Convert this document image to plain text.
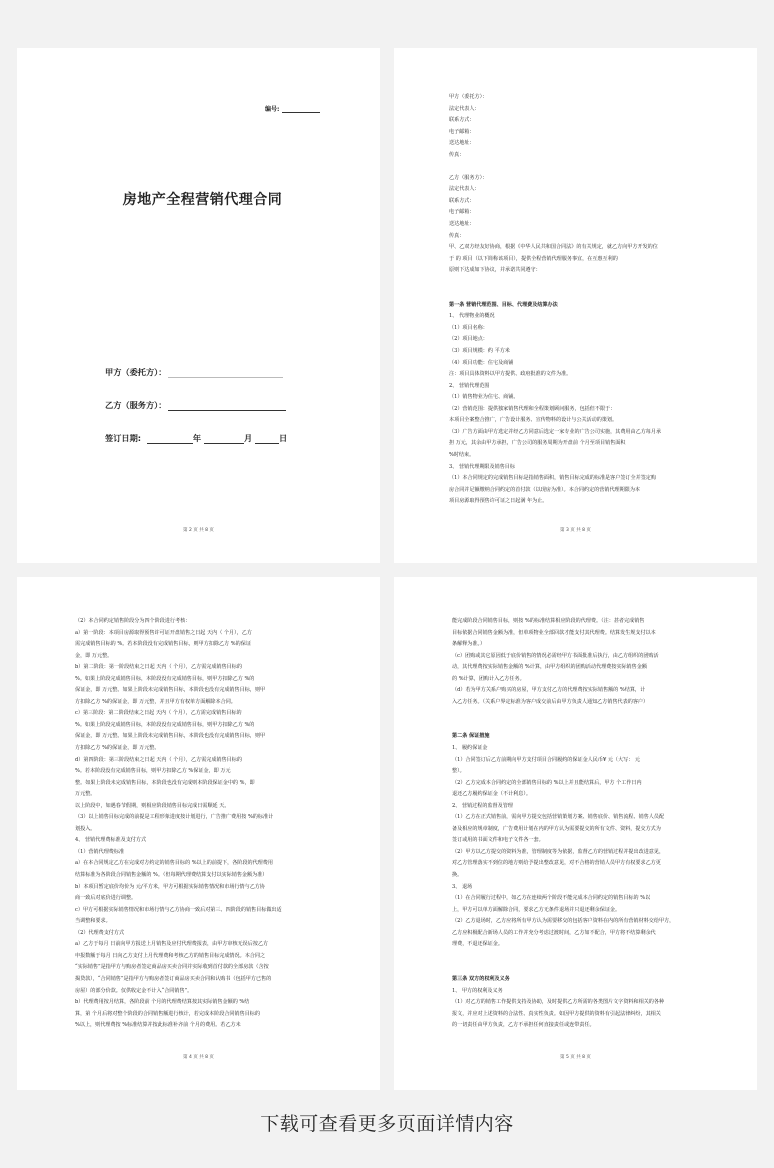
编号:
房地产全程营销代理合同
甲方（委托方）：
乙方（服务方）：
签订日期:	年	月	日
第 2 页 共 8 页

甲方（委托方）：

法定代表人：

联系方式：

电子邮箱：

送达地址：

传真：

乙方（服务方）：

法定代表人：

联系方式：

电子邮箱：

送达地址：

传真：

甲、乙双方经友好协商，根据《中华人民共和国合同法》的有关规定，就乙方向甲方开发的位

于 的 项目（以下简称该项目），提供全程营销代理服务事宜，在互惠互利的

原则下达成如下协议，并承诺共同遵守：

第一条 营销代理范围、目标、代理费及结算办法

1、 代理物业的概况

（1）项目名称：

（2）项目地点：

（3）项目规模：约 平方米

（4）项目功能：住宅及商铺

注：项目具体资料以甲方提供、政府批准的文件为准。

2、 营销代理范围

（1）销售物业为住宅、商铺。

（2）营销范围：提供独家销售代理和全程策划顾问服务，包括但不限于：

本项目全案整合推广，广告设计服务、宣传物料的设计与公关活动的策划。

（3）广告方面由甲方选定并经乙方同意后选定一家专业的广告公司实施，其费用由乙方每月承

担 万元，其余由甲方承担，广告公司的服务周期为开盘前 个月至项目销售面积

%时结束。

3、 营销代理期限及销售目标

（1）本合同规定的完成销售目标是指销售面积，销售目标完成的标准是客户签订全并签定购

房合同并足额缴纳合同约定的首付款（以现房为准）。本合同约定的营销代理期限为本

项目房源取得预售许可证之日起满 年为止。

第 3 页 共 8 页

（2）本合同约定销售阶段分为四个阶段进行考核：

a）第一阶段：本项目房源取得预售许可证开盘销售之日起 天内（ 个月），乙方

需完成销售目标的 %。若本阶段没有完成销售目标，则甲方扣除乙方 %的保证

金，即 万元整。

b）第二阶段：第一阶段结束之日起 天内（ 个月），乙方需完成销售目标的

%。如果上阶段完成销售目标，本阶段没有完成销售目标，则甲方扣除乙方 %的

保证金，即 万元整。如果上阶段未完成销售目标，本阶段也没有完成销售目标，则甲

方扣除乙方 %的保证金，即 万元整，并且甲方有权单方面解除本合同。

c）第三阶段：第二阶段结束之日起 天内（ 个月），乙方需完成销售目标的

%。如果上阶段完成销售目标，本阶段没有完成销售目标，则甲方扣除乙方 %的

保证金，即 万元整。如果上阶段未完成销售目标，本阶段也没有完成销售目标，则甲

方扣除乙方 %的保证金，即 万元整。

d）第四阶段：第三阶段结束之日起 天内（ 个月），乙方需完成销售目标的

%。若本阶段没有完成销售目标，则甲方扣除乙方 %保证金，即 万元

整。如果上阶段未完成销售目标，本阶段也没有完成则本阶段保证金中的 %，即

万元整。

以上阶段中，如遇春节假期，则相应阶段销售目标完成日需顺延 天。

（3）以上销售目标完成的前提是工程形象进度按计划进行，广告推广费用按 %的标准计

划投入。

4、 营销代理费标准及支付方式

（1）营销代理费标准

a）在本合同规定乙方在完成对方约定的销售目标的 %以上的前提下，各阶段的代理费用

结算标准为各阶段合同销售金额的 %。（但每期代理费结算支付以实际销售金额为准）

b）本项目暂定底价均价为 元/平方米，甲方可根据实际销售情况和市场行情与乙方协

商一致后对底价进行调整。

c）甲方可根据实际销售情况和市场行情与乙方协商一致后对第三、四阶段的销售目标做出适

当调整和要求。

（2）代理费支付方式

a）乙方于每月 日前向甲方报送上月销售及应付代理费报表，由甲方审核无误后按乙方

申报数额于每月 日向乙方支付上月代理费和考核乙方的销售目标完成情况。本合同之

“实际销售”是指甲方与购房者签定商品房买卖合同并实际收到首付款的全部房款（含按

揭贷款），“合同销售”是指甲方与购房者签订商品房买卖合同和认购书（包括甲方已售的

房屋）的部分价款。仅供收定金不计入“合同销售”。

b）代理费用按月结算，各阶段前 个月的代理费结算按其实际销售金额的 %结

算，第 个月后将对整个阶段的合同销售额进行核计，若完成本阶段合同销售目标的

%以上，则代理费按 %标准结算并按此标准补齐前 个月的费用。若乙方未

第 4 页 共 8 页

能完成阶段合同销售目标，则按 %的标准结算相应阶段的代理费。（注：甚者完成销售

目标依据合同销售金额为准，但单项物业全部回款才能支付其代理费。结算发生规支付以本

条解释为准。）

（c）团购或其它原因低于底价销售的情况必需经甲方书面批准后执行，由乙方组织的团购活

动，其代理费按实际销售金额的 %计算，由甲方组织的团购活动代理费按实际销售金额

的 %计算，团购计入乙方任务。

（d）若为甲方关系户购买的房屋，甲方支付乙方的代理费按实际销售额的 %结算，计

入乙方任务。（关系户界定标准为客户成交前后由甲方负责人通知乙方销售代表的客户）

第二条 保证措施

1、 履约保证金

（1）合同签订后乙方前期向甲方支付项目合同履约的保证金人民币¥ 元（大写： 元

整）。

（2）乙方完成本合同约定的全部销售目标的 %以上并且能结算后，甲方 个工作日内

退还乙方履约保证金（不计利息）。

2、 营销过程的监督及管理

（1）乙方在正式销售前，需向甲方提交包括营销策划方案、销售底价、销售流程、销售人员配

备及相应的规章制度，广告费用计划在内的甲方认为需要提交的所有文件、资料，提交方式为

签订或用的书面文件和电子文件各一套。

（2）甲方以乙方提交的资料为准，管理制度等为依据，监督乙方的营销过程并提出改进意见，

对乙方管理落实不到位的地方则给予提出整改意见，对不合格的营销人员甲方有权要求乙方更

换。

3、 退场

（1）在合同履行过程中，如乙方在连续两个阶段不能完成本合同约定的销售目标的 %以

上，甲方可以单方面解除合同，要求乙方无条件退场并只退还剩余保证金。

（2）乙方退场时，乙方应将所有甲方认为需要移交的包括客户资料在内的所有营销材料交给甲方，

乙方应积极配合新场人员的工作并充分考虑过渡时间，乙方如不配合，甲方将不结算剩余代

理费，不退还保证金。

第三条 双方的权利及义务

1、 甲方的权利及义务

（1）对乙方的销售工作提供支持及协助，及时提供乙方所需的各类图片文字资料和相关的各种

报文，并应对上述资料的合法性、真实性负责。如因甲方提供的资料有引起法律纠纷，其相关

的一切责任由甲方负责，乙方不承担任何直接责任或连带责任。

第 5 页 共 8 页
下载可查看更多页面详情内容
